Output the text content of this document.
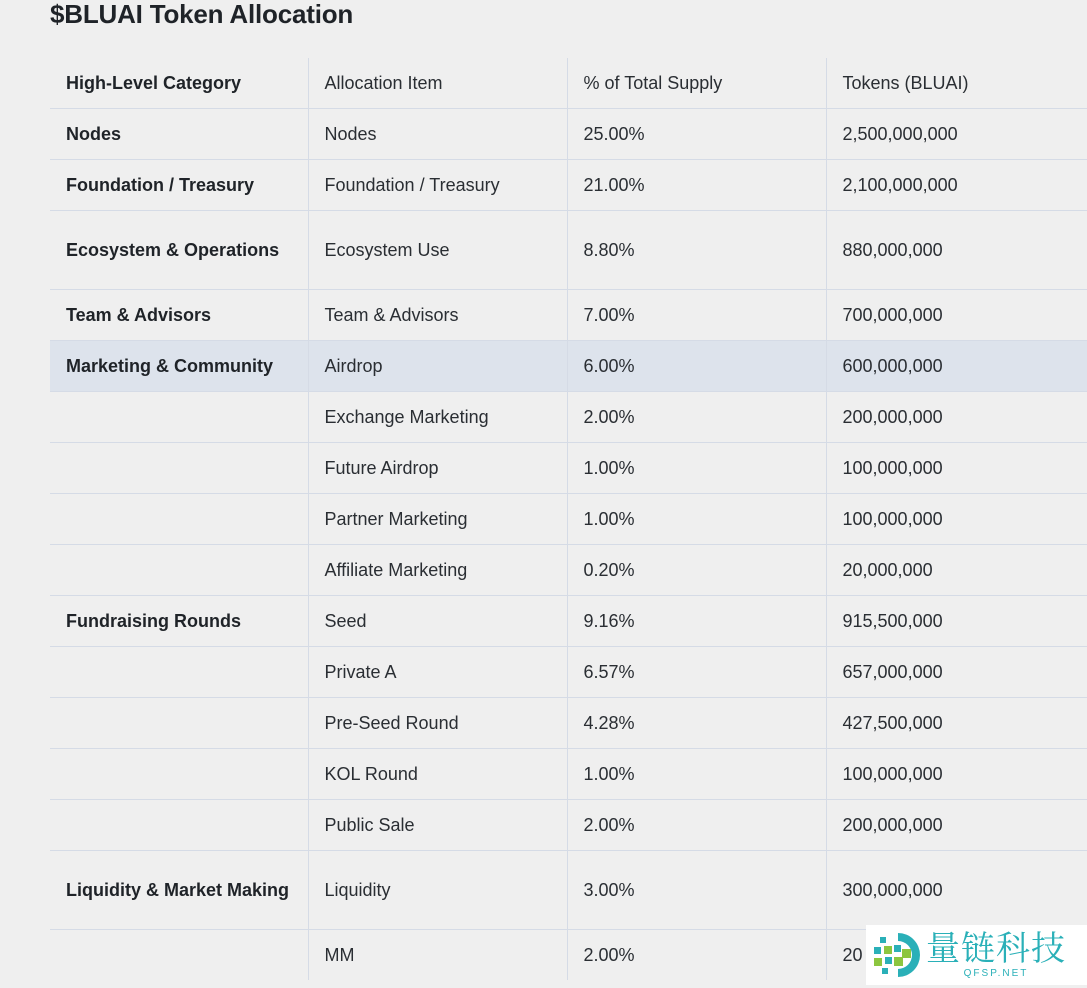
$BLUAI Token Allocation
High-Level Category	Allocation Item	% of Total Supply	Tokens (BLUAI)
Nodes	Nodes	25.00%	2,500,000,000
Foundation / Treasury	Foundation / Treasury	21.00%	2,100,000,000
Ecosystem & Operations	Ecosystem Use	8.80%	880,000,000
Team & Advisors	Team & Advisors	7.00%	700,000,000
Marketing & Community	Airdrop	6.00%	600,000,000
	Exchange Marketing	2.00%	200,000,000
	Future Airdrop	1.00%	100,000,000
	Partner Marketing	1.00%	100,000,000
	Affiliate Marketing	0.20%	20,000,000
Fundraising Rounds	Seed	9.16%	915,500,000
	Private A	6.57%	657,000,000
	Pre-Seed Round	4.28%	427,500,000
	KOL Round	1.00%	100,000,000
	Public Sale	2.00%	200,000,000
Liquidity & Market Making	Liquidity	3.00%	300,000,000
	MM	2.00%	20 量链科技
QFSP.NET
